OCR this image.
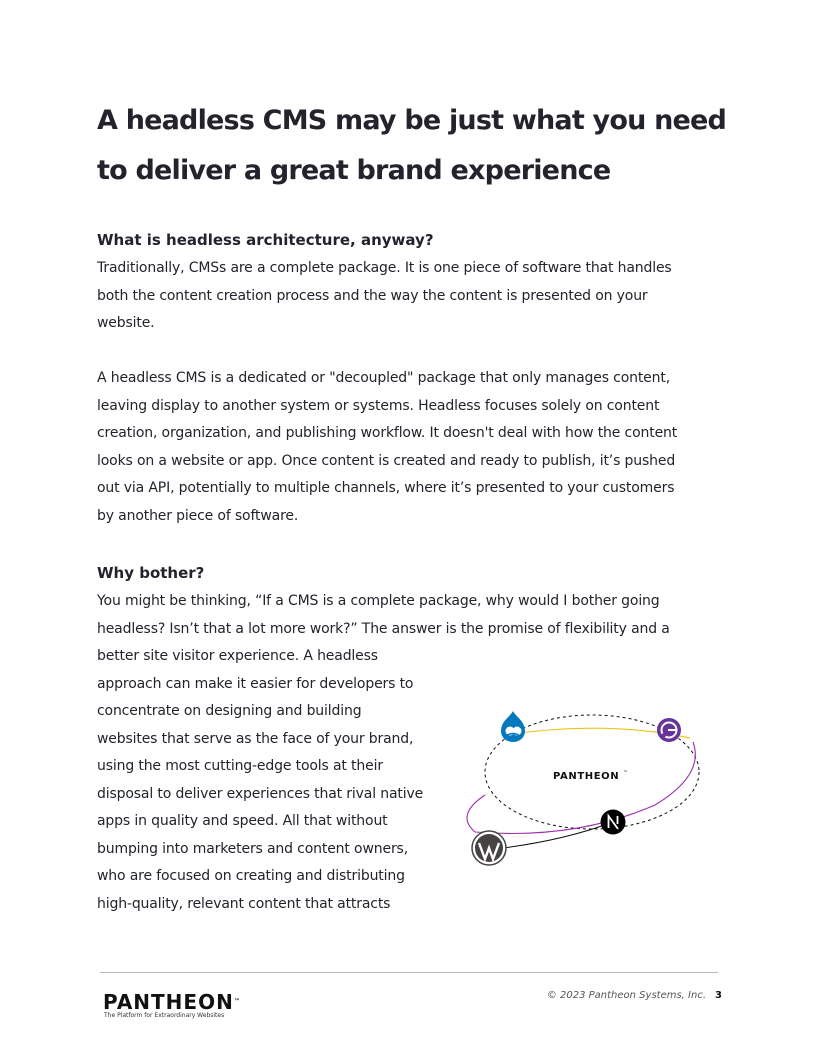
A headless CMS may be just what you need
to deliver a great brand experience
What is headless architecture, anyway?

Traditionally, CMSs are a complete package. It is one piece of software that handles
both the content creation process and the way the content is presented on your
website.

A headless CMS is a dedicated or "decoupled" package that only manages content,
leaving display to another system or systems. Headless focuses solely on content
creation, organization, and publishing workflow. It doesn't deal with how the content
looks on a website or app. Once content is created and ready to publish, it’s pushed
out via API, potentially to multiple channels, where it’s presented to your customers
by another piece of software.

Why bother?

You might be thinking, “If a CMS is a complete package, why would I bother going
headless? Isn’t that a lot more work?” The answer is the promise of flexibility and a

better site visitor experience. A headless
approach can make it easier for developers to
concentrate on designing and building
websites that serve as the face of your brand,
using the most cutting-edge tools at their
disposal to deliver experiences that rival native
apps in quality and speed. All that without
bumping into marketers and content owners,
who are focused on creating and distributing
high-quality, relevant content that attracts

PANTHEON ™
PANTHEON™
The Platform for Extraordinary Websites
© 2023 Pantheon Systems, Inc. 3
